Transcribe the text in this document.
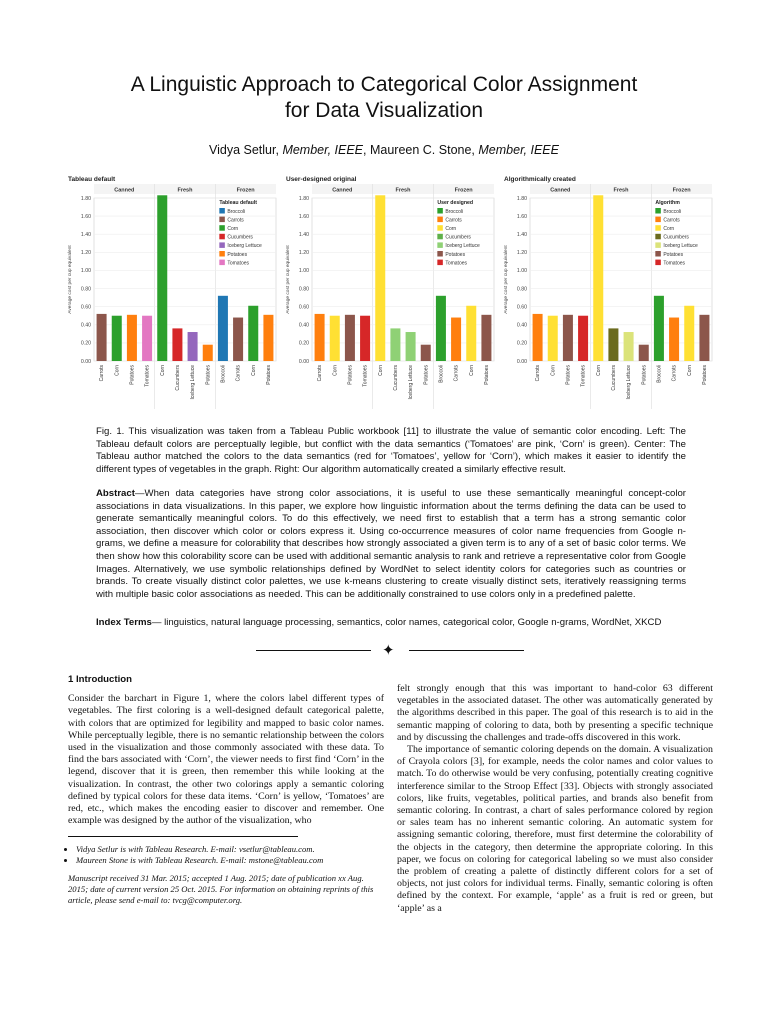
A Linguistic Approach to Categorical Color Assignment
for Data Visualization
Vidya Setlur, Member, IEEE, Maureen C. Stone, Member, IEEE
Tableau default
Canned	Fresh	Frozen
0.00
0.20
0.40
0.60
0.80
1.00
1.20
1.40
1.60
1.80
Average cost per cup equivalent
Carrots Corn Potatoes Tomatoes Corn Cucumbers Iceberg Lettuce Potatoes Broccoli Carrots Corn Potatoes
Tableau default
Broccoli
Carrots
Corn
Cucumbers
Iceberg Lettuce
Potatoes
Tomatoes
User-designed original
Canned	Fresh	Frozen
0.00
0.20
0.40
0.60
0.80
1.00
1.20
1.40
1.60
1.80
Average cost per cup equivalent
Carrots Corn Potatoes Tomatoes Corn Cucumbers Iceberg Lettuce Potatoes Broccoli Carrots Corn Potatoes
User designed
Broccoli
Carrots
Corn
Cucumbers
Iceberg Lettuce
Potatoes
Tomatoes
Algorithmically created
Canned	Fresh	Frozen
0.00
0.20
0.40
0.60
0.80
1.00
1.20
1.40
1.60
1.80
Average cost per cup equivalent
Carrots Corn Potatoes Tomatoes Corn Cucumbers Iceberg Lettuce Potatoes Broccoli Carrots Corn Potatoes
Algorithm
Broccoli
Carrots
Corn
Cucumbers
Iceberg Lettuce
Potatoes
Tomatoes
Fig. 1. This visualization was taken from a Tableau Public workbook [11] to illustrate the value of semantic color encoding. Left: The Tableau default colors are perceptually legible, but conflict with the data semantics (‘Tomatoes’ are pink, ‘Corn’ is green). Center: The Tableau author matched the colors to the data semantics (red for ‘Tomatoes’, yellow for ‘Corn’), which makes it easier to identify the different types of vegetables in the graph. Right: Our algorithm automatically created a similarly effective result.
Abstract—When data categories have strong color associations, it is useful to use these semantically meaningful concept-color associations in data visualizations. In this paper, we explore how linguistic information about the terms defining the data can be used to generate semantically meaningful colors. To do this effectively, we need first to establish that a term has a strong semantic color association, then discover which color or colors express it. Using co-occurrence measures of color name frequencies from Google n-grams, we define a measure for colorability that describes how strongly associated a given term is to any of a set of basic color terms. We then show how this colorability score can be used with additional semantic analysis to rank and retrieve a representative color from Google Images. Alternatively, we use symbolic relationships defined by WordNet to select identity colors for categories such as countries or brands. To create visually distinct color palettes, we use k-means clustering to create visually distinct sets, iteratively reassigning terms with multiple basic color associations as needed. This can be additionally constrained to use colors only in a predefined palette.
Index Terms— linguistics, natural language processing, semantics, color names, categorical color, Google n-grams, WordNet, XKCD
✦
1 Introduction

Consider the barchart in Figure 1, where the colors label different types of vegetables. The first coloring is a well-designed default categorical palette, with colors that are optimized for legibility and mapped to basic color names. While perceptually legible, there is no semantic relationship between the colors used in the visualization and those commonly associated with these data. To find the bars associated with ‘Corn’, the viewer needs to first find ‘Corn’ in the legend, discover that it is green, then remember this while looking at the visualization. In contrast, the other two colorings apply a semantic coloring defined by typical colors for these data items. ‘Corn’ is yellow, ‘Tomatoes’ are red, etc., which makes the encoding easier to discover and remember. One example was designed by the author of the visualization, who

• Vidya Setlur is with Tableau Research. E-mail: vsetlur@tableau.com.
• Maureen Stone is with Tableau Research. E-mail: mstone@tableau.com

Manuscript received 31 Mar. 2015; accepted 1 Aug. 2015; date of publication xx Aug. 2015; date of current version 25 Oct. 2015. For information on obtaining reprints of this article, please send e-mail to: tvcg@computer.org.

felt strongly enough that this was important to hand-color 63 different vegetables in the associated dataset. The other was automatically generated by the algorithms described in this paper. The goal of this research is to aid in the semantic mapping of coloring to data, both by presenting a specific technique and by discussing the challenges and trade-offs discovered in this work.

The importance of semantic coloring depends on the domain. A visualization of Crayola colors [3], for example, needs the color names and color values to match. To do otherwise would be very confusing, potentially creating cognitive interference similar to the Stroop Effect [33]. Objects with strongly associated colors, like fruits, vegetables, political parties, and brands also benefit from semantic coloring. In contrast, a chart of sales performance colored by region or sales team has no inherent semantic coloring. An automatic system for assigning semantic coloring, therefore, must first determine the colorability of the objects in the category, then determine the appropriate coloring. In this paper, we focus on coloring for categorical labeling so we must also consider the problem of creating a palette of distinctly different colors for a set of objects, not just colors for individual terms. Finally, semantic coloring is often defined by the context. For example, ‘apple’ as a fruit is red or green, but ‘apple’ as a
